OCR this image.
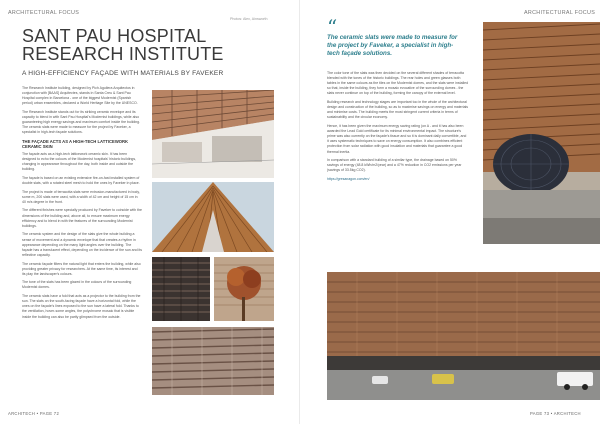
ARCHITECTURAL FOCUS
Photos: Alex, Ainsworth
SANT PAU HOSPITAL
RESEARCH INSTITUTE
A HIGH-EFFICIENCY FAÇADE WITH MATERIALS BY FAVEKER

The Research Institute building, designed by Pich Aguilera Arquitectos in conjunction with [BAAS] Arquitectes, stands in Santa Creu & Sant Pau Hospital complex in Barcelona - one of the biggest Modernist (Spanish period) urban ensembles, declared a World Heritage Site by the UNESCO.

The Research Institute stands out for its striking ceramic envelope and its capacity to blend in with Sant Pau Hospital's Modernist buildings, while also guaranteeing high energy savings and maximum comfort inside the building. The ceramic slats were made to measure for the project by Faveker, a specialist in high-tech façade solutions.

THE FAÇADE ACTS AS A HIGH-TECH LATTICEWORK CERAMIC SKIN

The façade acts as a high-tech latticework ceramic skin. It has been designed to echo the colours of the Modernist hospitals' historic buildings, changing in appearance throughout the day, both inside and outside the building.

The façade is based on an existing extensive fire-on-fast installed system of double slats, with a rotated steel mesh to hold the ones by Faveker in place.

The project is made of terracotta slats were extrusion-manufactured in body, some m, 200 slats were used, with a width of 42 cm and height of 15 cm in 40 m/s degree in the front.

The different finishes were specially produced by Faveker to coincide with the dimensions of the building and, above all, to ensure maximum energy efficiency and to blend in with the features of the surrounding Modernist buildings.

The ceramic system and the design of the slats give the whole building a sense of movement and a dynamic envelope that that creates a rhythm in appearance depending on the many light angles over the building. The façade has a translucent effect, depending on the incidence of the sun and its reflective capacity.

The ceramic façade filters the natural light that enters the building, while also providing greater privacy for researchers. At the same time, its interest and its play the landscaper's colours.

The tone of the slats has been glazed in the colours of the surrounding Modernist domes.

The ceramic slats have a fold that acts as a projector to the building from the sun. The slats on the south-facing façade have a horizontal fold, while the ones on the façade's lines exposed to the sun have a lateral fold. Thanks to the ventilation, hover-some angles, the polychrome mosaic that is visible inside the building can also be partly glimpsed from the outside.

ARCHITECH • PAGE 72
ARCHITECTURAL FOCUS
“
The ceramic slats were made to measure for the project by Faveker, a specialist in high-tech façade solutions.

The color tone of the slats was then decided on the several different shades of terracotta blended with the tones of the historic buildings. The rear holes and green glasses both tables in the same colours as the tiles on the Modernist domes, and the slats were installed so that, inside the building, they form a mosaic evocative of the surrounding domes - the slats never continue on top of the building, forming the canopy of the external level.

Building research and technology stages are important too in the whole of the architectural design and construction of the building, so as to maximise savings on energy and materials and minimise costs. The building meets the most stringent current criteria in terms of sustainability and the circular economy.

Hence, it has been given the maximum energy saving rating (on A - and it has also been awarded the Lead Gold certificate for its minimal environmental impact. The structure's prime was also currently on the façade's tissue and so it is dominant daily convertible, and it uses systematic techniques to save on energy consumption. It also combines efficient protection from solar radiation with good insulation and materials that guarantee a good thermal inertia.

In comparison with a standard building of a similar type, the drainage based on 50% savings of energy (48.8 kWh/m2/year) and a 47% reduction in CO2 emissions per year (savings of 33.5kg CO2).

https://gresanagon.com/en/

PAGE 73 • ARCHITECH
